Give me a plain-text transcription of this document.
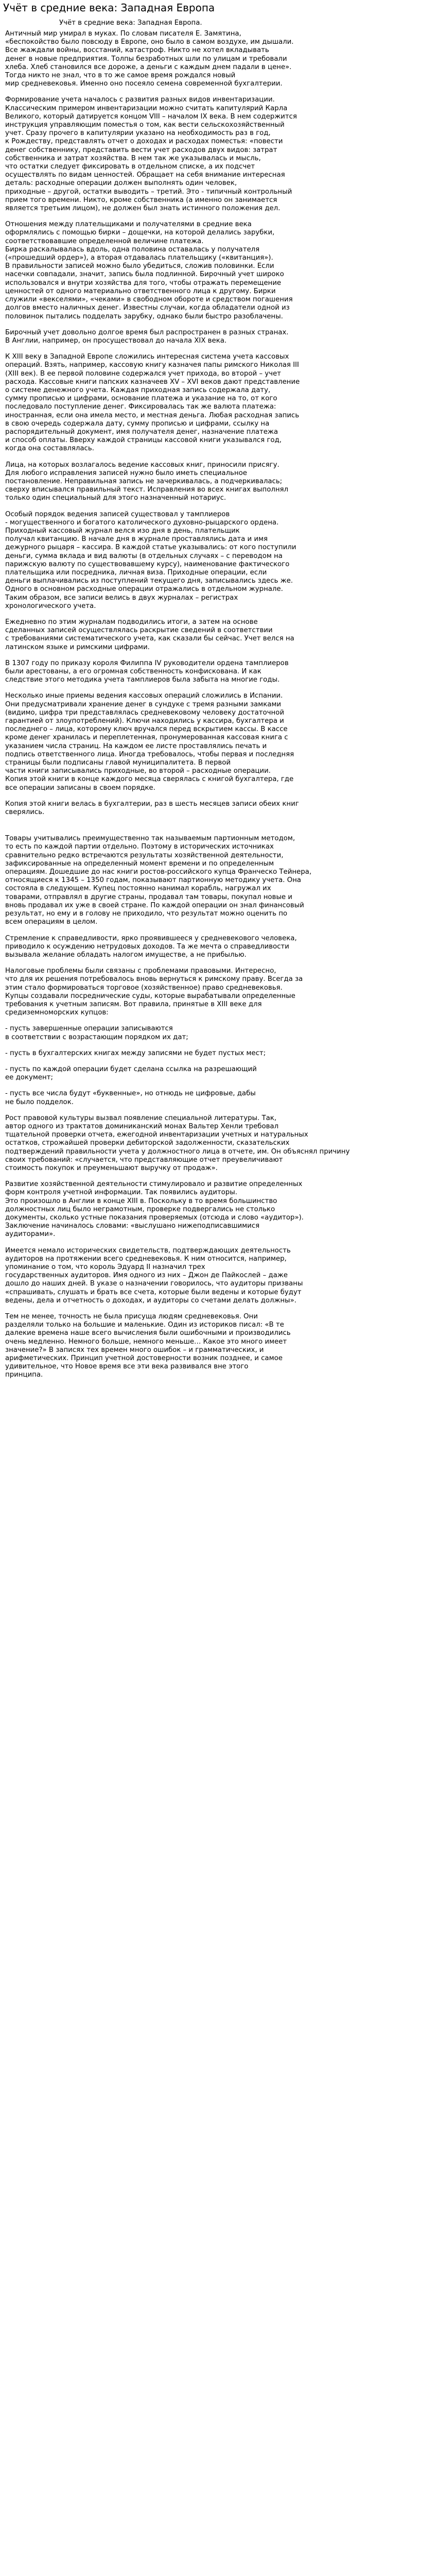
Учёт в средние века: Западная Европа
Учёт в средние века: Западная Европа.

Античный мир умирал в муках. По словам писателя Е. Замятина,
«беспокойство было повсюду в Европе, оно было в самом воздухе, им дышали.
Все жаждали войны, восстаний, катастроф. Никто не хотел вкладывать
денег в новые предприятия. Толпы безработных шли по улицам и требовали
хлеба. Хлеб становился все дороже, а деньги с каждым днем падали в цене».
Тогда никто не знал, что в то же самое время рождался новый
мир средневековья. Именно оно посеяло семена современной бухгалтерии.

Формирование учета началось с развития разных видов инвентаризации.
Классическим примером инвентаризации можно считать капитулярий Карла
Великого, который датируется концом VIII – началом IX века. В нем содержится
инструкция управляющим поместья о том, как вести сельскохозяйственный
учет. Сразу прочего в капитулярии указано на необходимость раз в год,
к Рождеству, представлять отчет о доходах и расходах поместья: «повести
денег собственнику, представить вести учет расходов двух видов: затрат
собственника и затрат хозяйства. В нем так же указывалась и мысль,
что остатки следует фиксировать в отдельном списке, а их подсчет
осуществлять по видам ценностей. Обращает на себя внимание интересная
деталь: расходные операции должен выполнять один человек,
приходные – другой, остатки выводить – третий. Это - типичный контрольный
прием того времени. Никто, кроме собственника (а именно он занимается
является третьим лицом), не должен был знать истинного положения дел.

Отношения между плательщиками и получателями в средние века
оформлялись с помощью бирки – дощечки, на которой делались зарубки,
соответствовавшие определенной величине платежа.
Бирка раскалывалась вдоль, одна половина оставалась у получателя
(«прошедший ордер»), а вторая отдавалась плательщику («квитанция»).
В правильности записей можно было убедиться, сложив половинки. Если
насечки совпадали, значит, запись была подлинной. Бирочный учет широко
использовался и внутри хозяйства для того, чтобы отражать перемещение
ценностей от одного материально ответственного лица к другому. Бирки
служили «векселями», «чеками» в свободном обороте и средством погашения
долгов вместо наличных денег. Известны случаи, когда обладатели одной из
половинок пытались подделать зарубку, однако были быстро разоблачены.

Бирочный учет довольно долгое время был распространен в разных странах.
В Англии, например, он просуществовал до начала XIX века.

К XIII веку в Западной Европе сложились интересная система учета кассовых
операций. Взять, например, кассовую книгу казначея папы римского Николая III
(XIII век). В ее первой половине содержался учет прихода, во второй – учет
расхода. Кассовые книги папских казначеев XV – XVI веков дают представление
о системе денежного учета. Каждая приходная запись содержала дату,
сумму прописью и цифрами, основание платежа и указание на то, от кого
последовало поступление денег. Фиксировалась так же валюта платежа:
иностранная, если она имела место, и местная деньга. Любая расходная запись
в свою очередь содержала дату, сумму прописью и цифрами, ссылку на
распорядительный документ, имя получателя денег, назначение платежа
и способ оплаты. Вверху каждой страницы кассовой книги указывался год,
когда она составлялась.

Лица, на которых возлагалось ведение кассовых книг, приносили присягу.
Для любого исправления записей нужно было иметь специальное
постановление. Неправильная запись не зачеркивалась, а подчеркивалась;
сверху вписывался правильный текст. Исправления во всех книгах выполнял
только один специальный для этого назначенный нотариус.

Особый порядок ведения записей существовал у тамплиеров
- могущественного и богатого католического духовно-рыцарского ордена.
Приходный кассовый журнал велся изо дня в день, плательщик
получал квитанцию. В начале дня в журнале проставлялись дата и имя
дежурного рыцаря – кассира. В каждой статье указывались: от кого поступили
деньги, сумма вклада и вид валюты (в отдельных случаях – с переводом на
парижскую валюту по существовавшему курсу), наименование фактического
плательщика или посредника, личная виза. Приходные операции, если
деньги выплачивались из поступлений текущего дня, записывались здесь же.
Одного в основном расходные операции отражались в отдельном журнале.
Таким образом, все записи велись в двух журналах – регистрах
хронологического учета.

Ежедневно по этим журналам подводились итоги, а затем на основе
сделанных записей осуществлялась раскрытие сведений в соответствии
с требованиями систематического учета, как сказали бы сейчас. Учет велся на
латинском языке и римскими цифрами.

В 1307 году по приказу короля Филиппа IV руководители ордена тамплиеров
были арестованы, а его огромная собственность конфискована. И как
следствие этого методика учета тамплиеров была забыта на многие годы.

Несколько иные приемы ведения кассовых операций сложились в Испании.
Они предусматривали хранение денег в сундуке с тремя разными замками
(видимо, цифра три представлялась средневековому человеку достаточной
гарантией от злоупотреблений). Ключи находились у кассира, бухгалтера и
последнего – лица, которому ключ вручался перед вскрытием кассы. В кассе
кроме денег хранилась и переплетенная, пронумерованная кассовая книга с
указанием числа страниц. На каждом ее листе проставлялись печать и
подпись ответственного лица. Иногда требовалось, чтобы первая и последняя
страницы были подписаны главой муниципалитета. В первой
части книги записывались приходные, во второй – расходные операции.
Копия этой книги в конце каждого месяца сверялась с книгой бухгалтера, где
все операции записаны в своем порядке.

Копия этой книги велась в бухгалтерии, раз в шесть месяцев записи обеих книг
сверялись.

Товары учитывались преимущественно так называемым партионным методом,
то есть по каждой партии отдельно. Поэтому в исторических источниках
сравнительно редко встречаются результаты хозяйственной деятельности,
зафиксированные на определенный момент времени и по определенным
операциям. Дошедшие до нас книги ростов-российского купца Франческо Тейнера,
относящиеся к 1345 – 1350 годам, показывают партионную методику учета. Она
состояла в следующем. Купец постоянно нанимал корабль, нагружал их
товарами, отправлял в другие страны, продавал там товары, покупал новые и
вновь продавал их уже в своей стране. По каждой операции он знал финансовый
результат, но ему и в голову не приходило, что результат можно оценить по
всем операциям в целом.

Стремление к справедливости, ярко проявившееся у средневекового человека,
приводило к осуждению нетрудовых доходов. Та же мечта о справедливости
вызывала желание обладать налогом имуществе, а не прибылью.

Налоговые проблемы были связаны с проблемами правовыми. Интересно,
что для их решения потребовалось вновь вернуться к римскому праву. Всегда за
этим стало формироваться торговое (хозяйственное) право средневековья.
Купцы создавали посреднические суды, которые вырабатывали определенные
требования к учетным записям. Вот правила, принятые в XIII веке для
средиземноморских купцов:

- пусть завершенные операции записываются
в соответствии с возрастающим порядком их дат;

- пусть в бухгалтерских книгах между записями не будет пустых мест;

- пусть по каждой операции будет сделана ссылка на разрешающий
ее документ;

- пусть все числа будут «буквенные», но отнюдь не цифровые, дабы
не было подделок.

Рост правовой культуры вызвал появление специальной литературы. Так,
автор одного из трактатов доминиканский монах Вальтер Хенли требовал
тщательной проверки отчета, ежегодной инвентаризации учетных и натуральных
остатков, строжайшей проверки дебиторской задолженности, сказательских
подтверждений правильности учета у должностного лица в отчете, им. Он объяснял причину
своих требований: «случается, что представляющие отчет преувеличивают
стоимость покупок и преуменьшают выручку от продаж».

Развитие хозяйственной деятельности стимулировало и развитие определенных
форм контроля учетной информации. Так появились аудиторы.
Это произошло в Англии в конце XIII в. Поскольку в то время большинство
должностных лиц было неграмотным, проверке подвергались не столько
документы, сколько устные показания проверяемых (отсюда и слово «аудитор»).
Заключение начиналось словами: «выслушано нижеподписавшимися
аудиторами».

Имеется немало исторических свидетельств, подтверждающих деятельность
аудиторов на протяжении всего средневековья. К ним относится, например,
упоминание о том, что король Эдуард II назначил трех
государственных аудиторов. Имя одного из них – Джон де Пайкослей – даже
дошло до наших дней. В указе о назначении говорилось, что аудиторы призваны
«спрашивать, слушать и брать все счета, которые были ведены и которые будут
ведены, дела и отчетность о доходах, и аудиторы со счетами делать должны».

Тем не менее, точность не была присуща людям средневековья. Они
разделяли только на большие и маленькие. Один из историков писал: «В те
далекие времена наше всего вычисления были ошибочными и производились
очень медленно. Немного больше, немного меньше… Какое это много имеет
значение?» В записях тех времен много ошибок – и грамматических, и
арифметических. Принцип учетной достоверности возник позднее, и самое
удивительное, что Новое время все эти века развивался вне этого
принципа.
